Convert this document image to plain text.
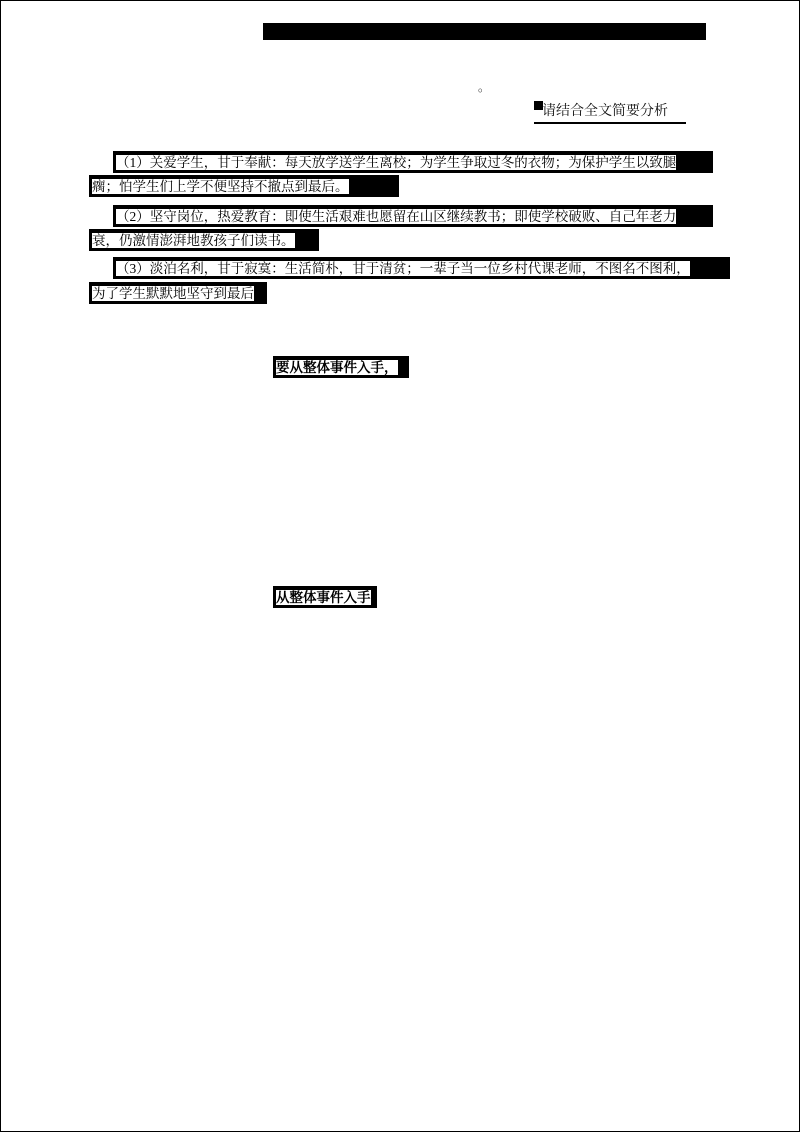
。
请结合全文简要分析
（1）关爱学生，甘于奉献：每天放学送学生离校；为学生争取过冬的衣物；为保护学生以致腿
瘸；怕学生们上学不便坚持不撤点到最后。
（2）坚守岗位，热爱教育：即使生活艰难也愿留在山区继续教书；即使学校破败、自己年老力
衰，仍激情澎湃地教孩子们读书。
（3）淡泊名利，甘于寂寞：生活简朴，甘于清贫；一辈子当一位乡村代课老师，不图名不图利，
为了学生默默地坚守到最后
要从整体事件入手，
从整体事件入手
